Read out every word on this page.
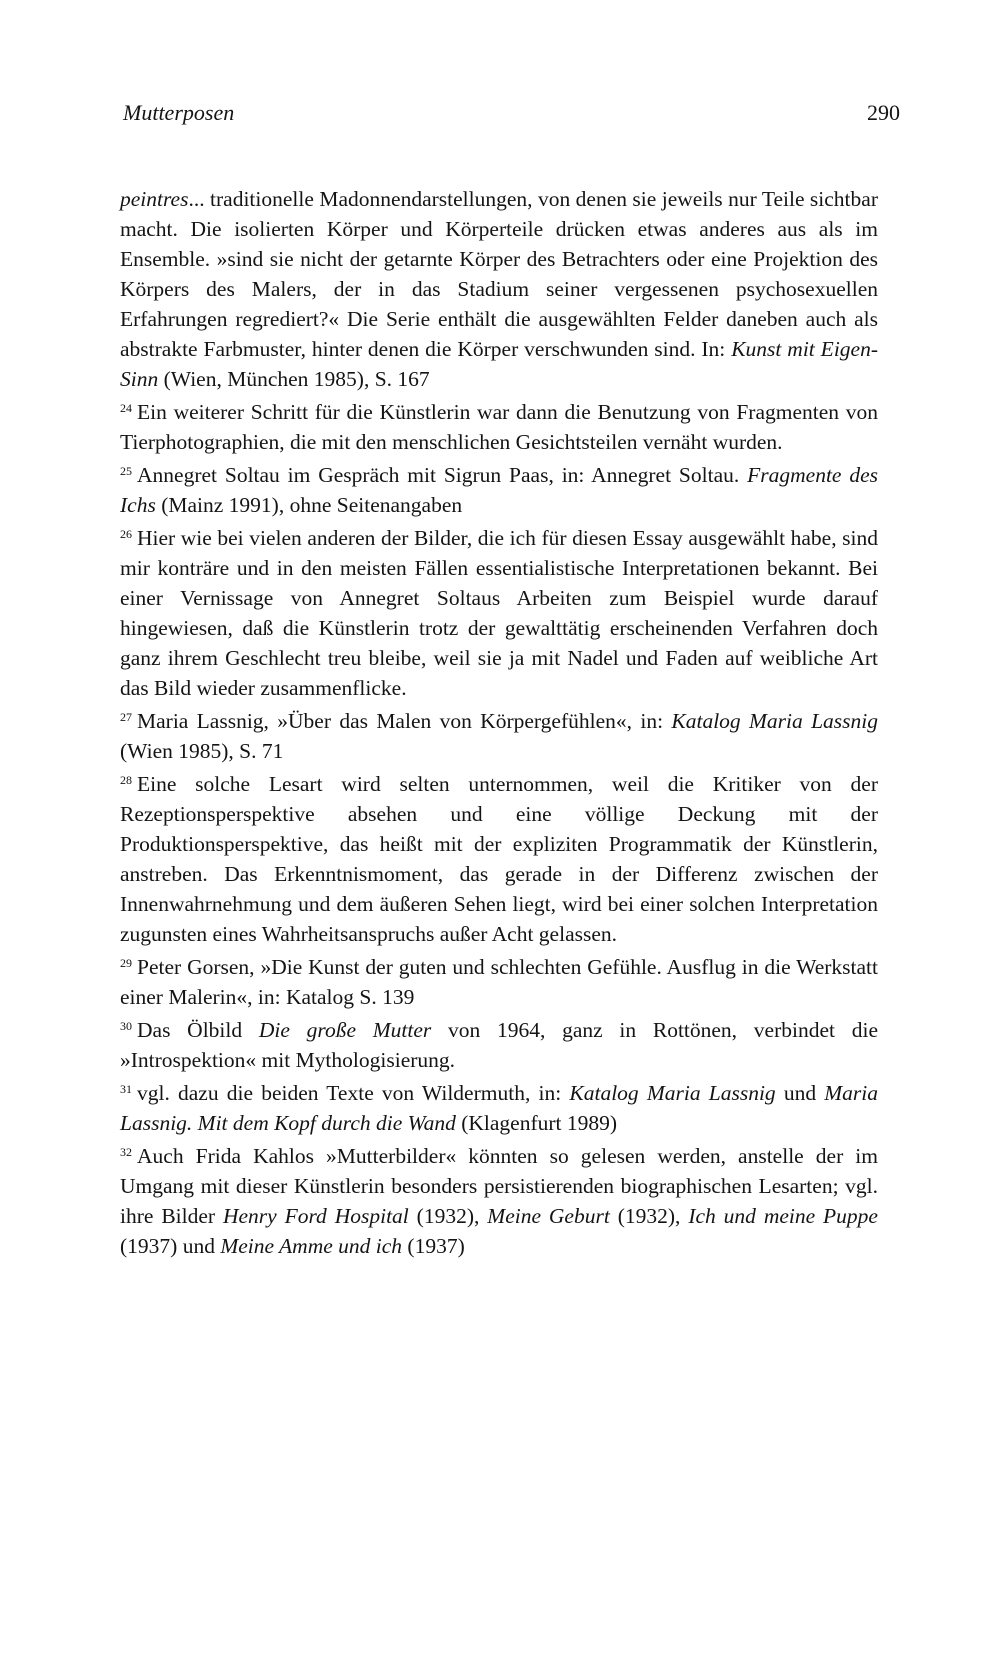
Mutterposen	290

peintres... traditionelle Madonnendarstellungen, von denen sie jeweils nur Teile sichtbar macht. Die isolierten Körper und Körperteile drücken etwas anderes aus als im Ensemble. »sind sie nicht der getarnte Körper des Betrachters oder eine Projektion des Körpers des Malers, der in das Stadium seiner vergessenen psychosexuellen Erfahrungen regrediert?« Die Serie enthält die ausgewählten Felder daneben auch als abstrakte Farbmuster, hinter denen die Körper verschwunden sind. In: Kunst mit Eigen-Sinn (Wien, München 1985), S. 167

$^{24}$ Ein weiterer Schritt für die Künstlerin war dann die Benutzung von Fragmenten von Tierphotographien, die mit den menschlichen Gesichtsteilen vernäht wurden.

$^{25}$ Annegret Soltau im Gespräch mit Sigrun Paas, in: Annegret Soltau. Fragmente des Ichs (Mainz 1991), ohne Seitenangaben

$^{26}$ Hier wie bei vielen anderen der Bilder, die ich für diesen Essay ausgewählt habe, sind mir konträre und in den meisten Fällen essentialistische Interpretationen bekannt. Bei einer Vernissage von Annegret Soltaus Arbeiten zum Beispiel wurde darauf hingewiesen, daß die Künstlerin trotz der gewalttätig erscheinenden Verfahren doch ganz ihrem Geschlecht treu bleibe, weil sie ja mit Nadel und Faden auf weibliche Art das Bild wieder zusammenflicke.

$^{27}$ Maria Lassnig, »Über das Malen von Körpergefühlen«, in: Katalog Maria Lassnig (Wien 1985), S. 71

$^{28}$ Eine solche Lesart wird selten unternommen, weil die Kritiker von der Rezeptionsperspektive absehen und eine völlige Deckung mit der Produktionsperspektive, das heißt mit der expliziten Programmatik der Künstlerin, anstreben. Das Erkenntnismoment, das gerade in der Differenz zwischen der Innenwahrnehmung und dem äußeren Sehen liegt, wird bei einer solchen Interpretation zugunsten eines Wahrheitsanspruchs außer Acht gelassen.

$^{29}$ Peter Gorsen, »Die Kunst der guten und schlechten Gefühle. Ausflug in die Werkstatt einer Malerin«, in: Katalog S. 139

$^{30}$ Das Ölbild Die große Mutter von 1964, ganz in Rottönen, verbindet die »Introspektion« mit Mythologisierung.

$^{31}$ vgl. dazu die beiden Texte von Wildermuth, in: Katalog Maria Lassnig und Maria Lassnig. Mit dem Kopf durch die Wand (Klagenfurt 1989)

$^{32}$ Auch Frida Kahlos »Mutterbilder« könnten so gelesen werden, anstelle der im Umgang mit dieser Künstlerin besonders persistierenden biographischen Lesarten; vgl. ihre Bilder Henry Ford Hospital (1932), Meine Geburt (1932), Ich und meine Puppe (1937) und Meine Amme und ich (1937)
